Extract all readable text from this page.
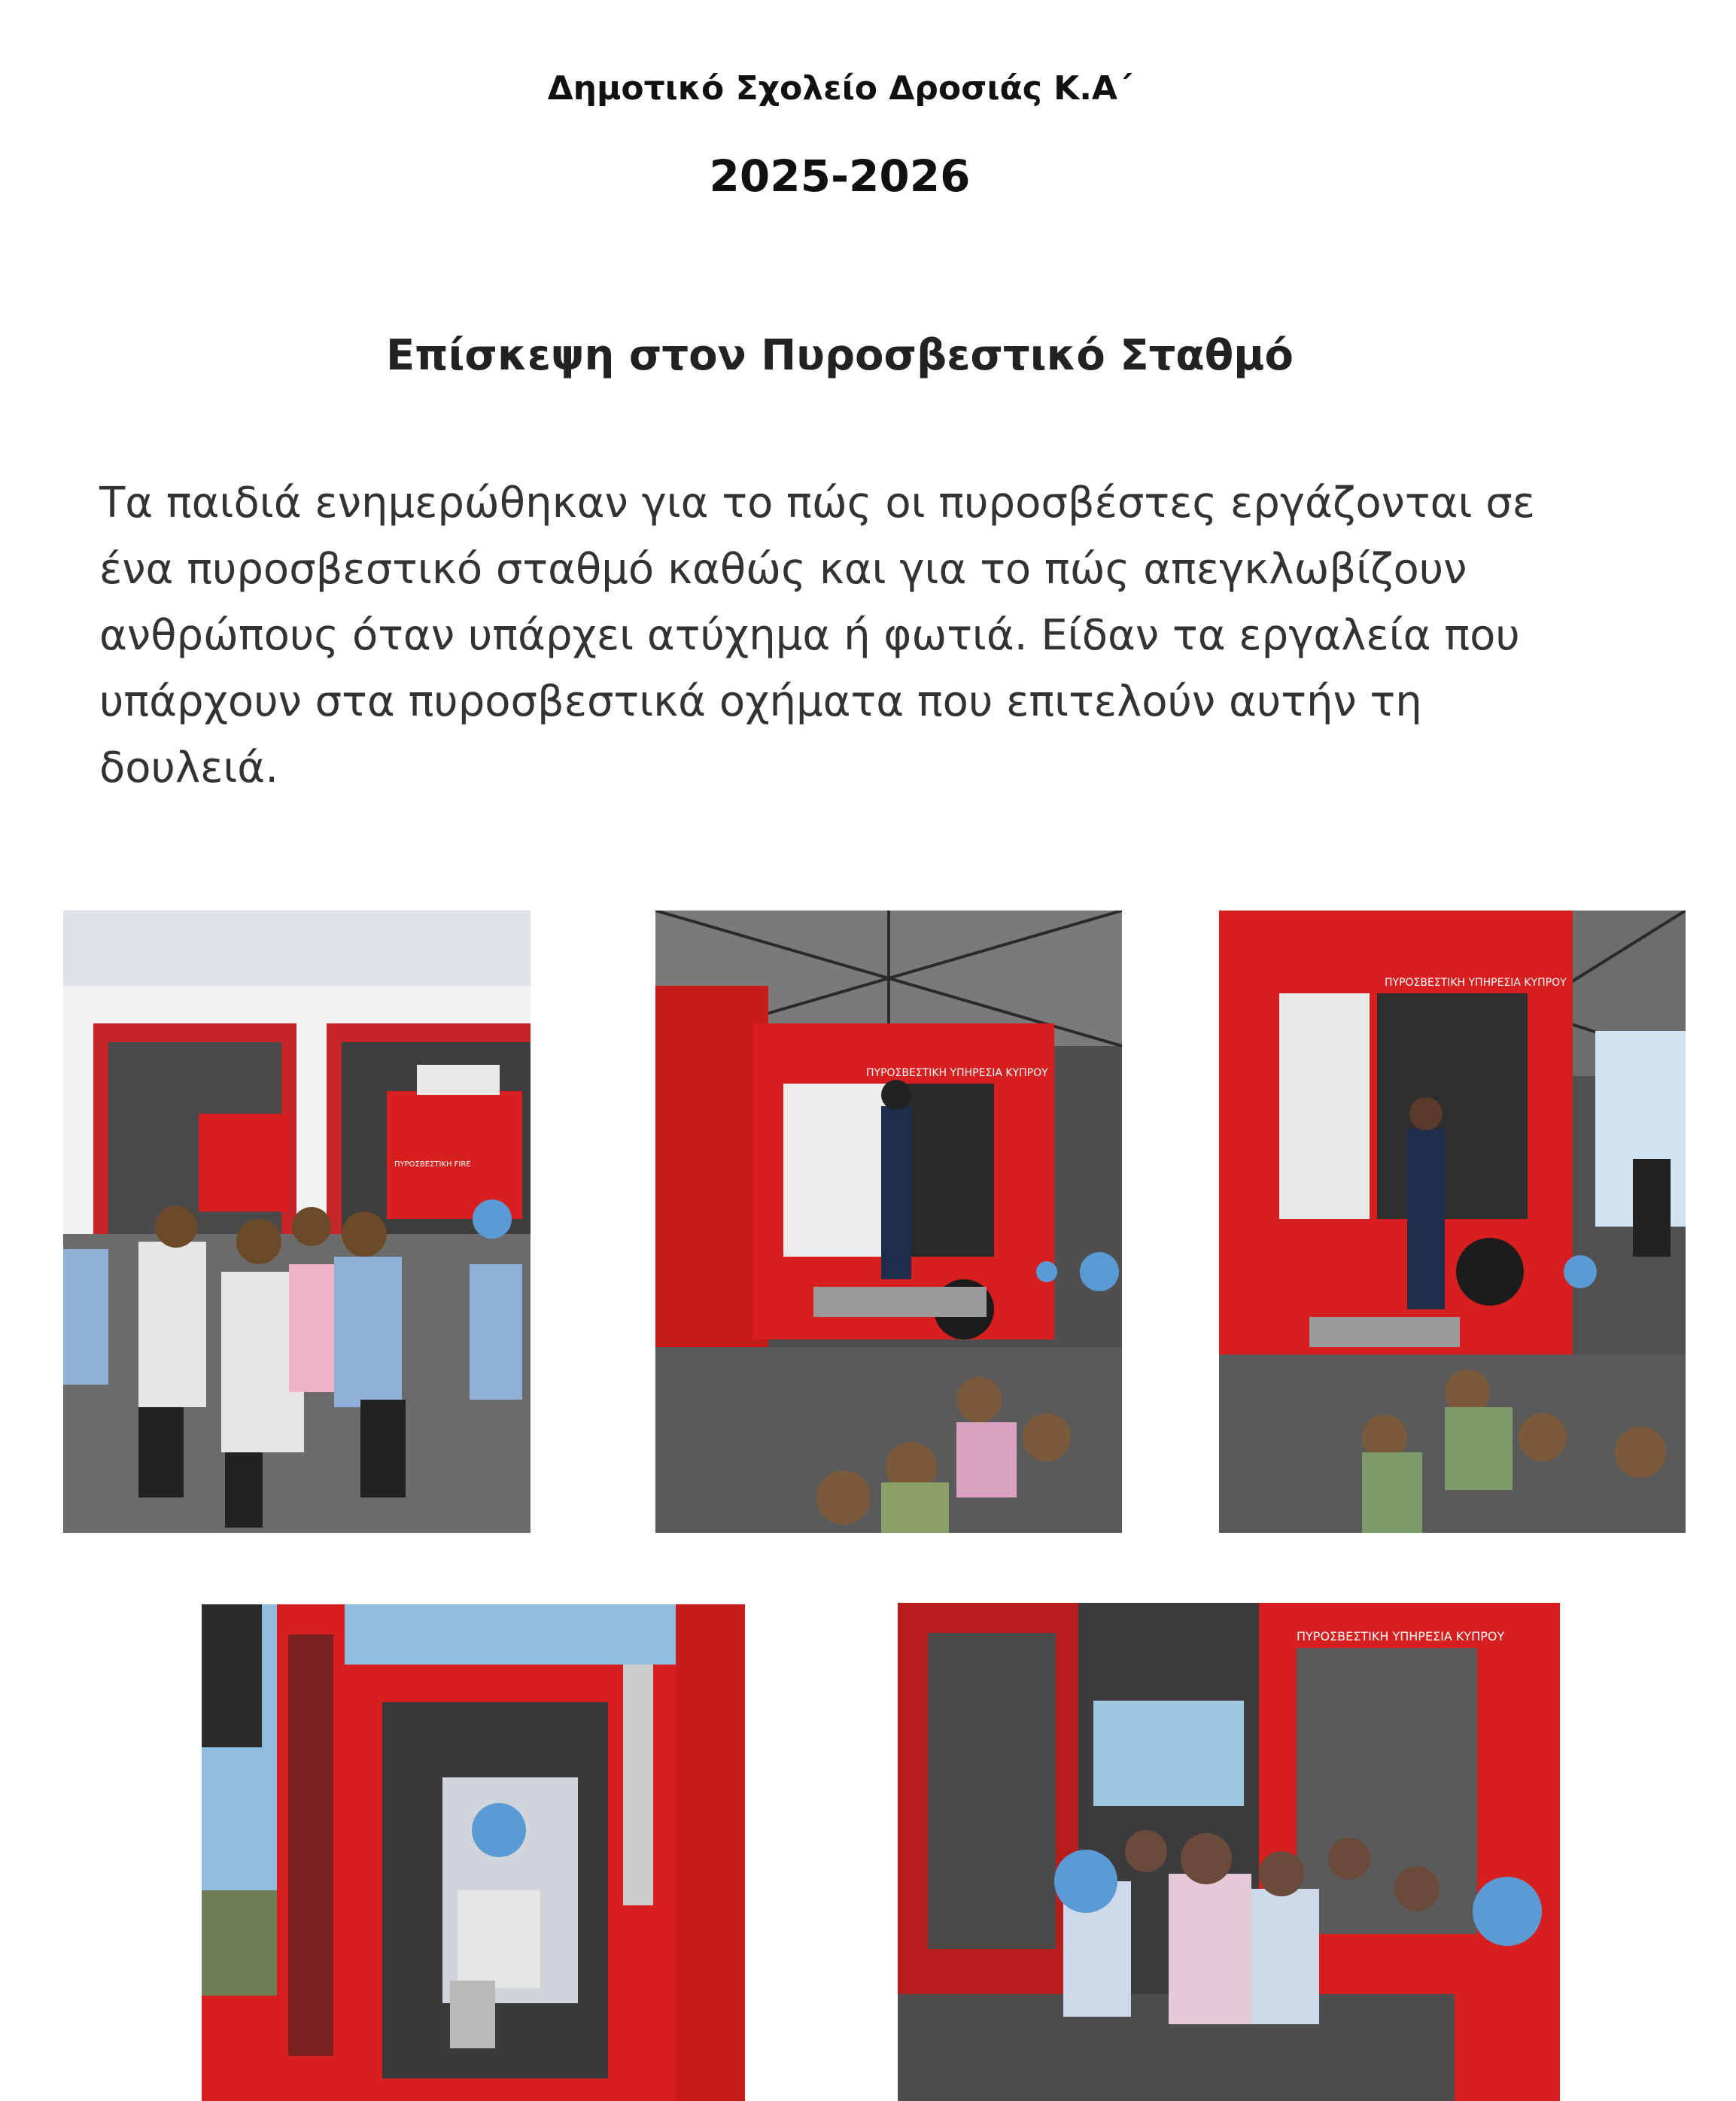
Δημοτικό Σχολείο Δροσιάς Κ.Α΄
2025-2026
Επίσκεψη στον Πυροσβεστικό Σταθμό
Τα παιδιά ενημερώθηκαν για το πώς οι πυροσβέστες εργάζονται σε ένα πυροσβεστικό σταθμό καθώς και για το πώς απεγκλωβίζουν ανθρώπους όταν υπάρχει ατύχημα ή φωτιά. Είδαν τα εργαλεία που υπάρχουν στα πυροσβεστικά οχήματα που επιτελούν αυτήν τη δουλειά.
ΠΥΡΟΣΒΕΣΤΙΚΗ FIRE
ΠΥΡΟΣΒΕΣΤΙΚΗ ΥΠΗΡΕΣΙΑ ΚΥΠΡΟΥ
ΠΥΡΟΣΒΕΣΤΙΚΗ ΥΠΗΡΕΣΙΑ ΚΥΠΡΟΥ
ΠΥΡΟΣΒΕΣΤΙΚΗ ΥΠΗΡΕΣΙΑ ΚΥΠΡΟΥ
